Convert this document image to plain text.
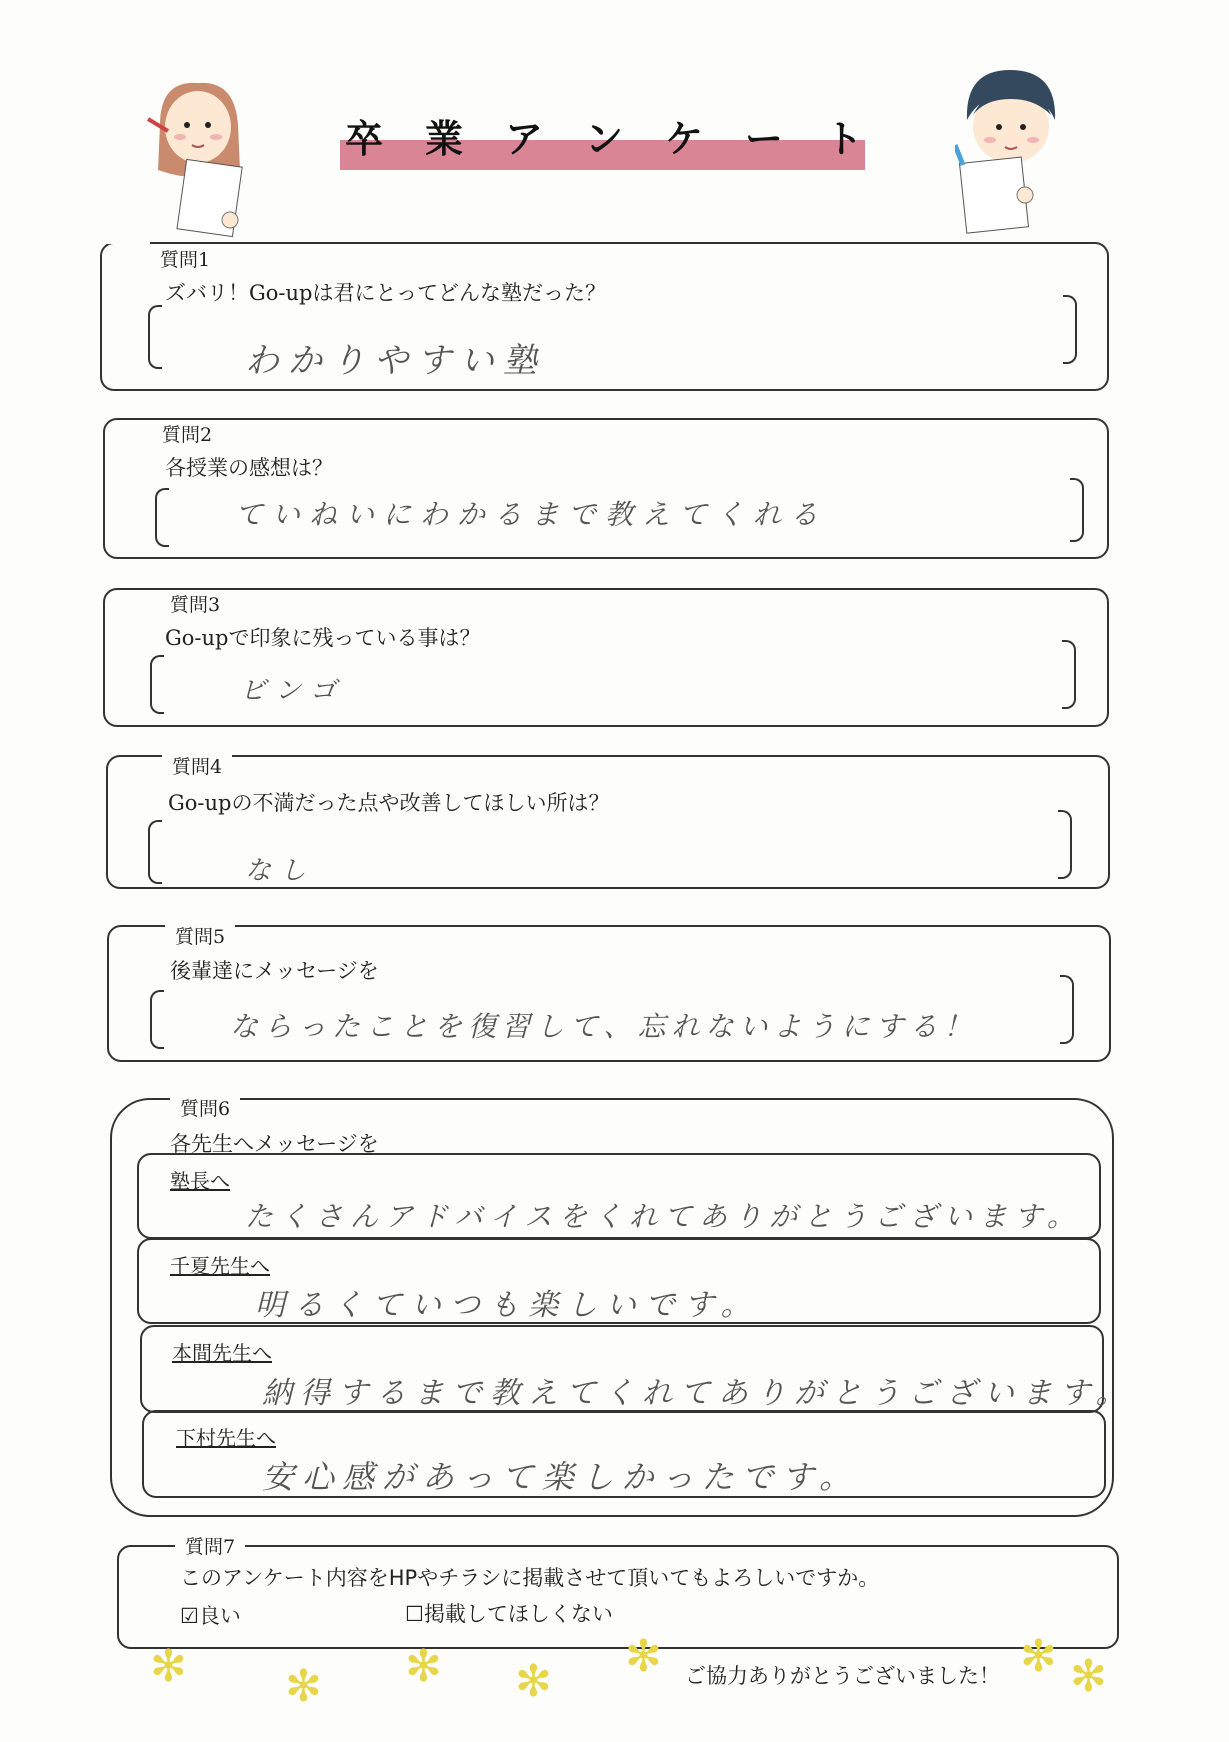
卒 業 ア ン ケ ー ト
質問1
ズバリ！Go-upは君にとってどんな塾だった？
わかりやすい塾
質問2
各授業の感想は？
ていねいにわかるまで教えてくれる
質問3
Go-upで印象に残っている事は？
ビンゴ
質問4
Go-upの不満だった点や改善してほしい所は？
なし
質問5
後輩達にメッセージを
ならったことを復習して、忘れないようにする！
質問6
各先生へメッセージを
塾長へ
たくさんアドバイスをくれてありがとうございます。
千夏先生へ
明るくていつも楽しいです。
本間先生へ
納得するまで教えてくれてありがとうございます。
下村先生へ
安心感があって楽しかったです。
質問7
このアンケート内容をHPやチラシに掲載させて頂いてもよろしいですか。
☑良い	☐掲載してほしくない
✻ ✻ ✻ ✻ ✻	✻ ✻
ご協力ありがとうございました！
